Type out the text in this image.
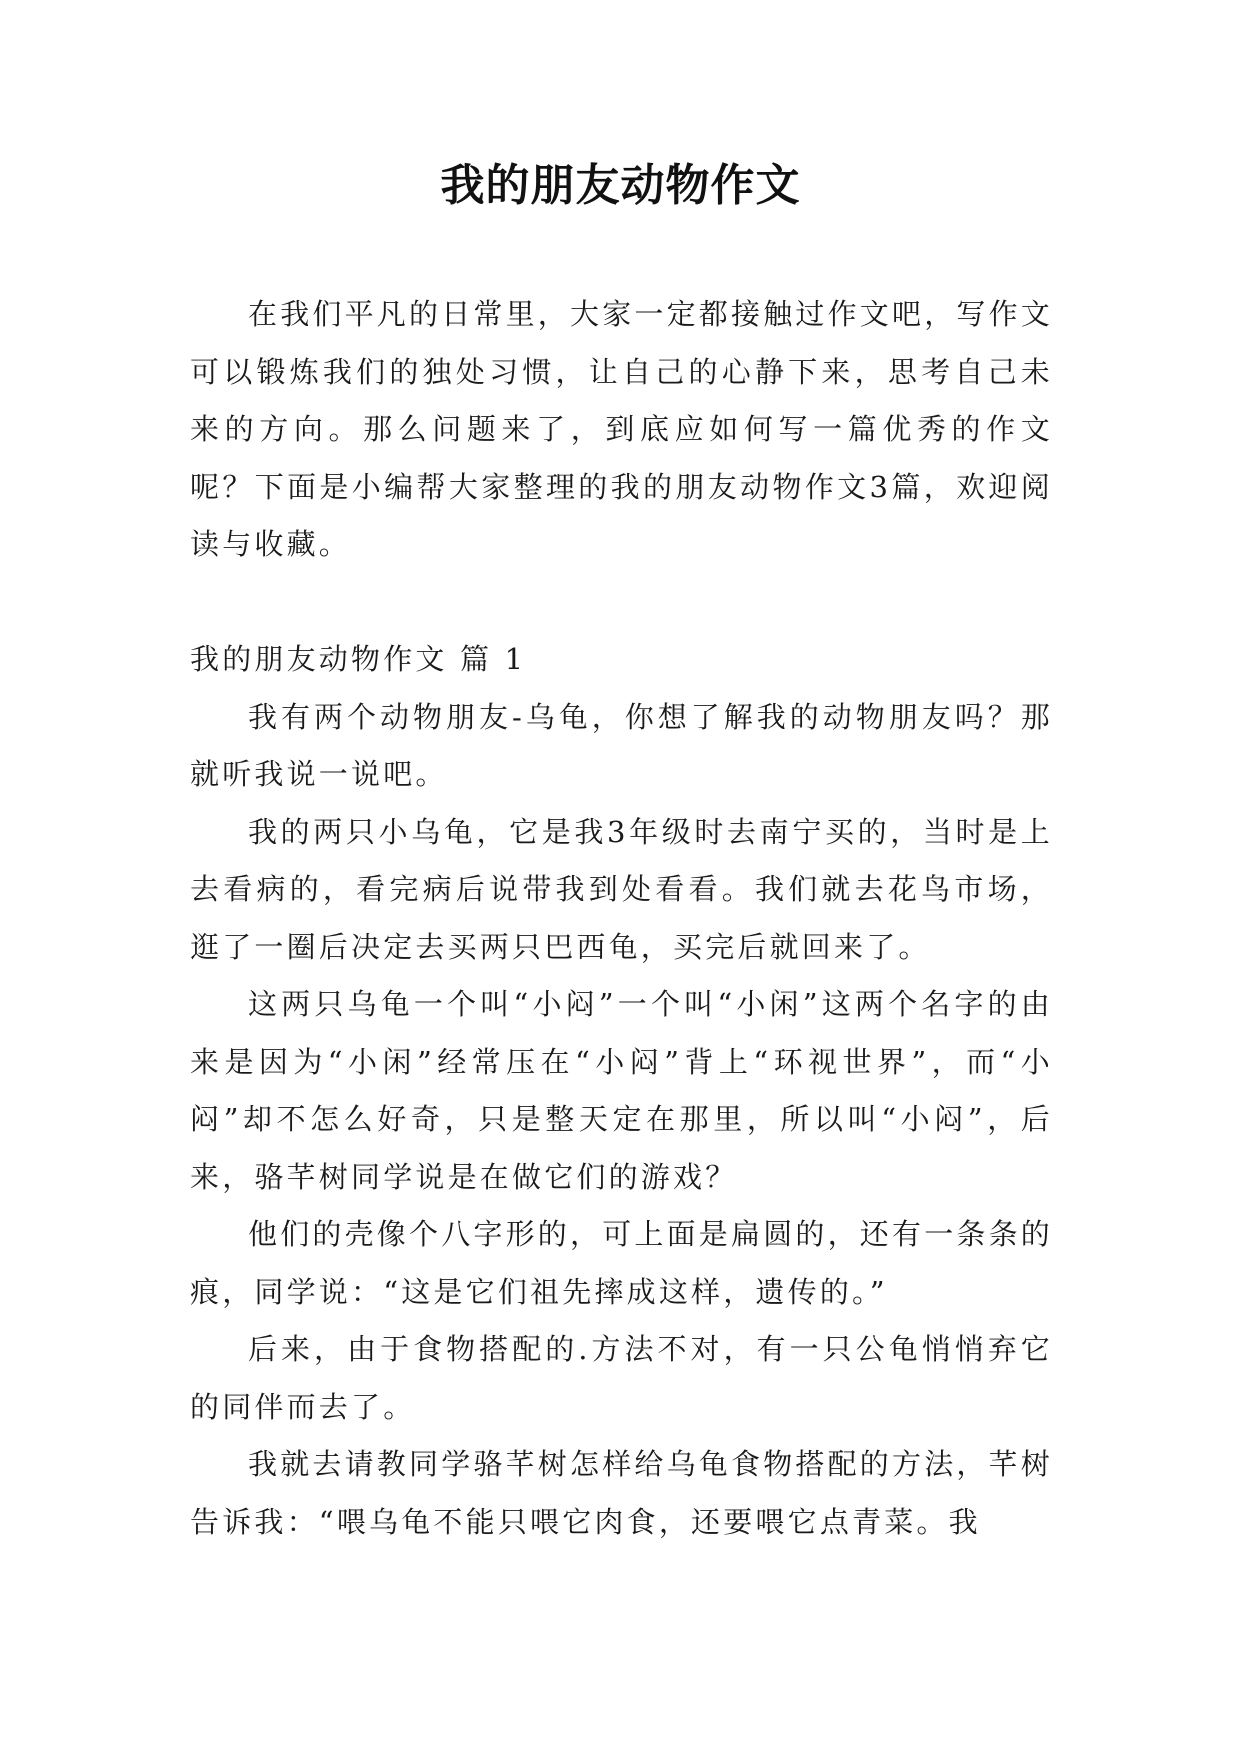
我的朋友动物作文

在我们平凡的日常里，大家一定都接触过作文吧，写作文可以锻炼我们的独处习惯，让自己的心静下来，思考自己未来的方向。那么问题来了，到底应如何写一篇优秀的作文呢？下面是小编帮大家整理的我的朋友动物作文3篇，欢迎阅读与收藏。

我的朋友动物作文 篇 1

我有两个动物朋友-乌龟，你想了解我的动物朋友吗？那就听我说一说吧。

我的两只小乌龟，它是我3年级时去南宁买的，当时是上去看病的，看完病后说带我到处看看。我们就去花鸟市场，逛了一圈后决定去买两只巴西龟，买完后就回来了。

这两只乌龟一个叫“小闷”一个叫“小闲”这两个名字的由来是因为“小闲”经常压在“小闷”背上“环视世界”，而“小闷”却不怎么好奇，只是整天定在那里，所以叫“小闷”，后来，骆芊树同学说是在做它们的游戏？

他们的壳像个八字形的，可上面是扁圆的，还有一条条的痕，同学说：“这是它们祖先摔成这样，遗传的。”

后来，由于食物搭配的.方法不对，有一只公龟悄悄弃它的同伴而去了。

我就去请教同学骆芊树怎样给乌龟食物搭配的方法，芊树告诉我：“喂乌龟不能只喂它肉食，还要喂它点青菜。我
